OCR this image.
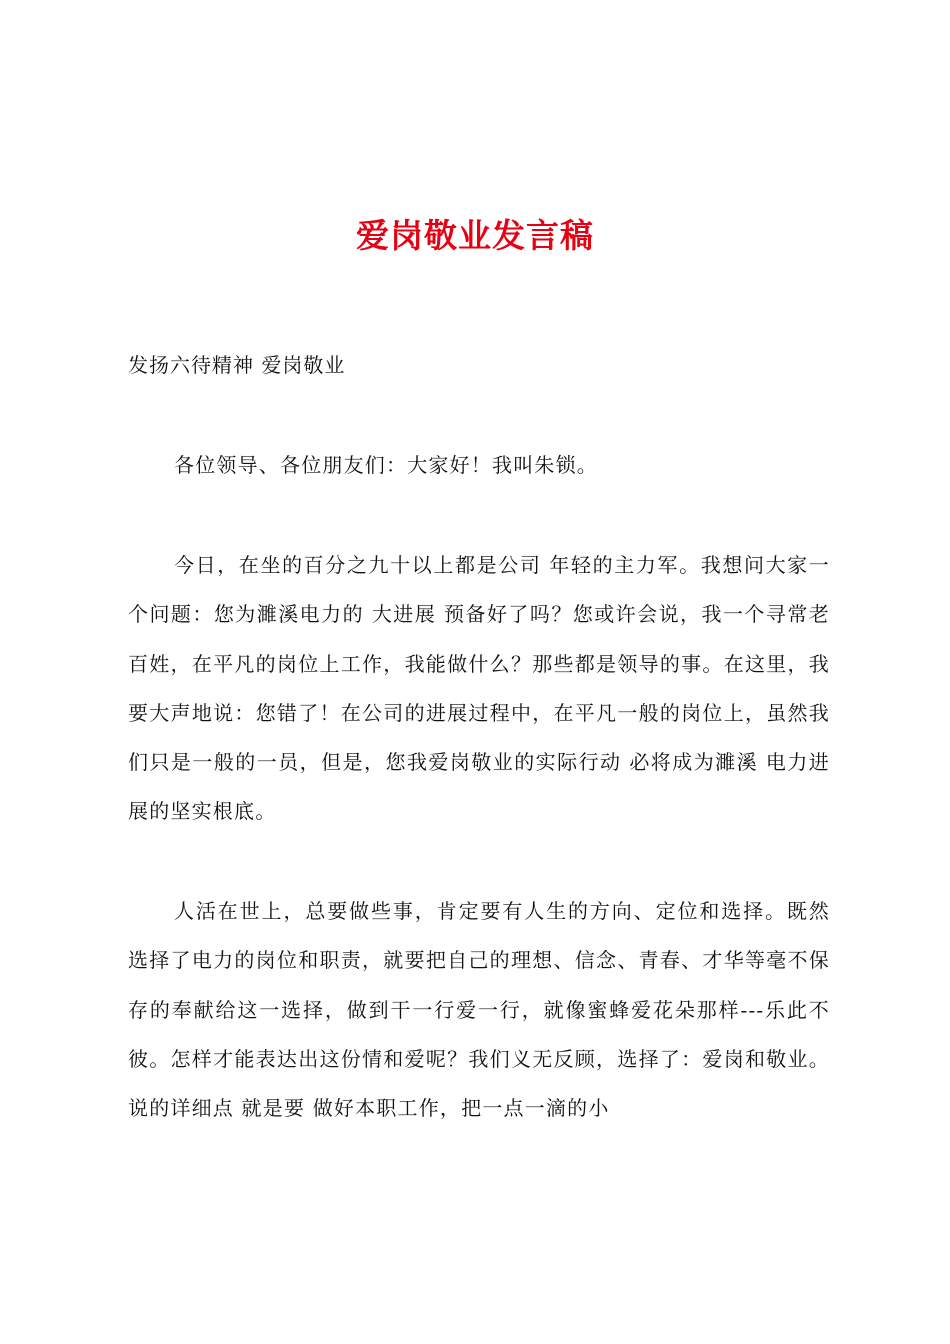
爱岗敬业发言稿
发扬六待精神 爱岗敬业
各位领导、各位朋友们：大家好！我叫朱锁。
今日，在坐的百分之九十以上都是公司 年轻的主力军。我想问大家一个问题：您为濉溪电力的 大进展 预备好了吗？您或许会说，我一个寻常老百姓，在平凡的岗位上工作，我能做什么？那些都是领导的事。在这里，我要大声地说：您错了！在公司的进展过程中，在平凡一般的岗位上，虽然我们只是一般的一员，但是，您我爱岗敬业的实际行动 必将成为濉溪 电力进展的坚实根底。
人活在世上，总要做些事，肯定要有人生的方向、定位和选择。既然选择了电力的岗位和职责，就要把自己的理想、信念、青春、才华等毫不保存的奉献给这一选择，做到干一行爱一行，就像蜜蜂爱花朵那样---乐此不彼。怎样才能表达出这份情和爱呢？我们义无反顾，选择了：爱岗和敬业。说的详细点 就是要 做好本职工作，把一点一滴的小
